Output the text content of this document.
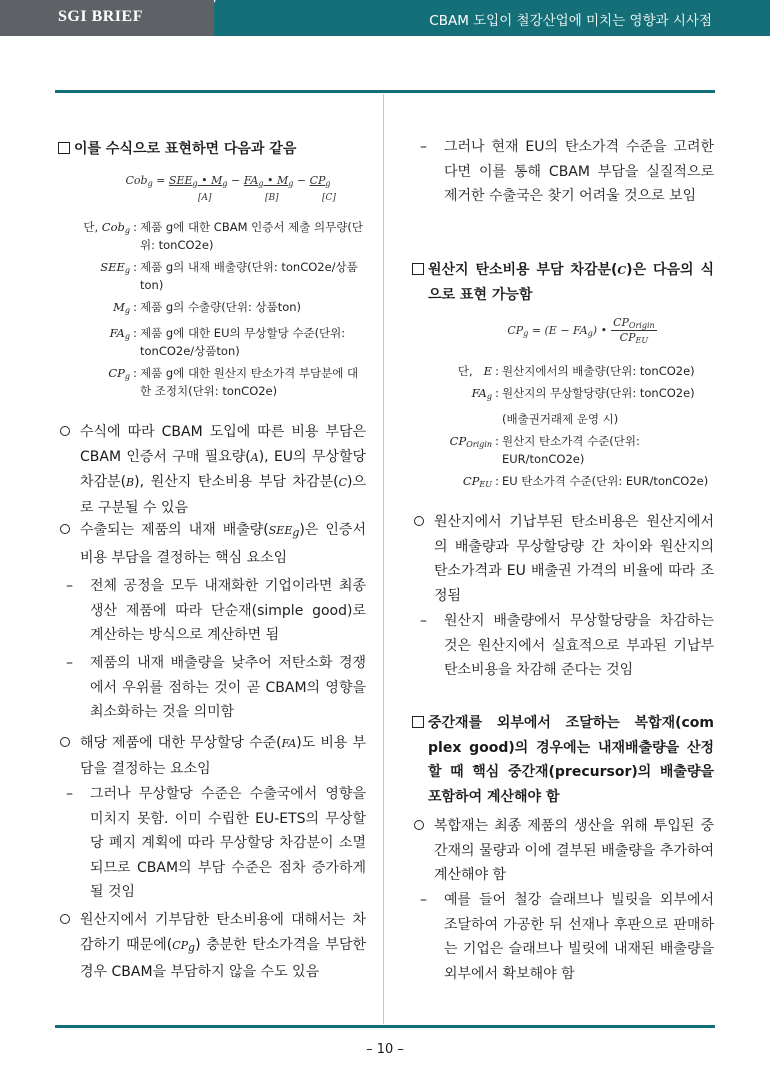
SGI BRIEF	CBAM 도입이 철강산업에 미치는 영향과 시사점
– 10 –
이를 수식으로 표현하면 다음과 같음
Cobg = SEEg • Mg − FAg • Mg − CPg
[A]	[B]	[C]
단, Cobg : 제품 g에 대한 CBAM 인증서 제출 의무량(단위: tonCO2e)
SEEg : 제품 g의 내재 배출량(단위: tonCO2e/상품ton)
Mg : 제품 g의 수출량(단위: 상품ton)
FAg : 제품 g에 대한 EU의 무상할당 수준(단위: tonCO2e/상품ton)
CPg : 제품 g에 대한 원산지 탄소가격 부담분에 대한 조정치(단위: tonCO2e)
수식에 따라 CBAM 도입에 따른 비용 부담은 CBAM 인증서 구매 필요량(A), EU의 무상할당 차감분(B), 원산지 탄소비용 부담 차감분(C)으로 구분될 수 있음
수출되는 제품의 내재 배출량(SEEg)은 인증서 비용 부담을 결정하는 핵심 요소임
–	전체 공정을 모두 내재화한 기업이라면 최종 생산 제품에 따라 단순재(simple good)로 계산하는 방식으로 계산하면 됨
–	제품의 내재 배출량을 낮추어 저탄소화 경쟁에서 우위를 점하는 것이 곧 CBAM의 영향을 최소화하는 것을 의미함
해당 제품에 대한 무상할당 수준(FA)도 비용 부담을 결정하는 요소임
–	그러나 무상할당 수준은 수출국에서 영향을 미치지 못함. 이미 수립한 EU-ETS의 무상할당 폐지 계획에 따라 무상할당 차감분이 소멸되므로 CBAM의 부담 수준은 점차 증가하게 될 것임
원산지에서 기부담한 탄소비용에 대해서는 차감하기 때문에(CPg) 충분한 탄소가격을 부담한 경우 CBAM을 부담하지 않을 수도 있음
–	그러나 현재 EU의 탄소가격 수준을 고려한다면 이를 통해 CBAM 부담을 실질적으로 제거한 수출국은 찾기 어려울 것으로 보임
원산지 탄소비용 부담 차감분(C)은 다음의 식으로 표현 가능함
CPg = (E − FAg) •
CPOrigin
CPEU
단, E : 원산지에서의 배출량(단위: tonCO2e)
FAg : 원산지의 무상할당량(단위: tonCO2e)
(배출권거래제 운영 시)
CPOrigin : 원산지 탄소가격 수준(단위: EUR/tonCO2e)
CPEU : EU 탄소가격 수준(단위: EUR/tonCO2e)
원산지에서 기납부된 탄소비용은 원산지에서의 배출량과 무상할당량 간 차이와 원산지의 탄소가격과 EU 배출권 가격의 비율에 따라 조정됨
–	원산지 배출량에서 무상할당량을 차감하는 것은 원산지에서 실효적으로 부과된 기납부 탄소비용을 차감해 준다는 것임
중간재를 외부에서 조달하는 복합재(com plex good)의 경우에는 내재배출량을 산정할 때 핵심 중간재(precursor)의 배출량을 포함하여 계산해야 함
복합재는 최종 제품의 생산을 위해 투입된 중간재의 물량과 이에 결부된 배출량을 추가하여 계산해야 함
–	예를 들어 철강 슬래브나 빌릿을 외부에서 조달하여 가공한 뒤 선재나 후판으로 판매하는 기업은 슬래브나 빌릿에 내재된 배출량을 외부에서 확보해야 함
